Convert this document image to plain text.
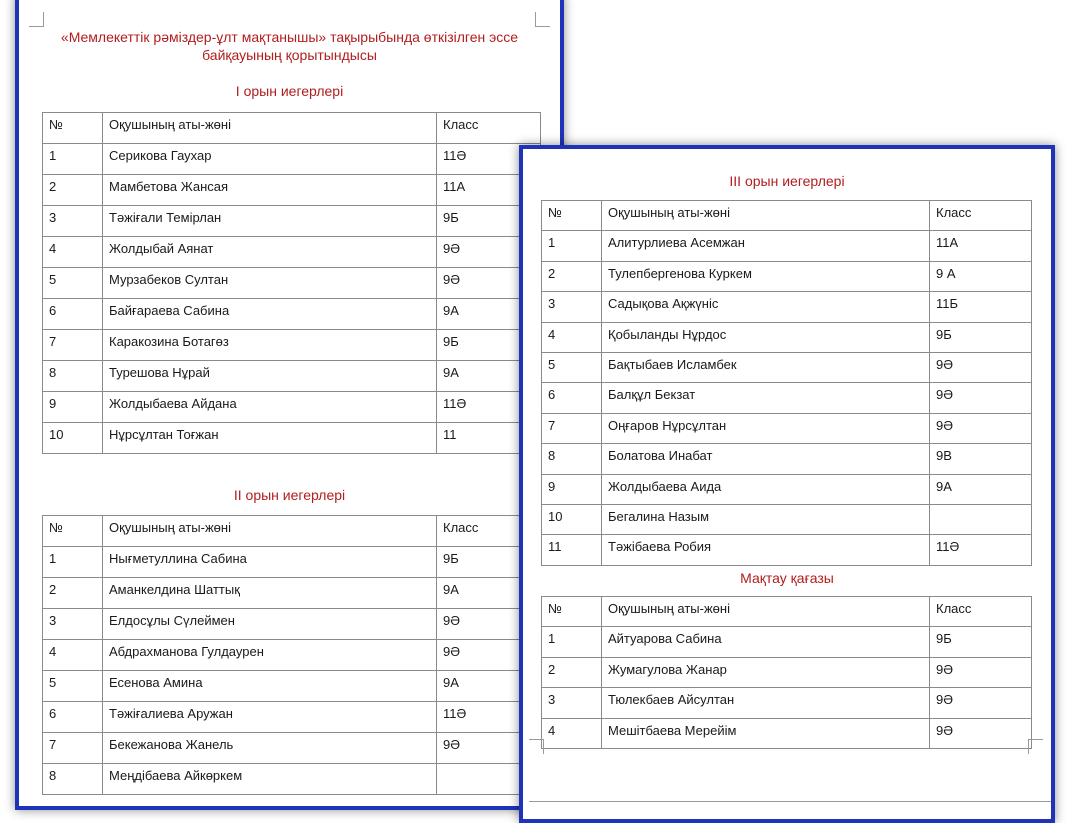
«Мемлекеттік рәміздер-ұлт мақтанышы» тақырыбында өткізілген эссе
байқауының қорытындысы
І орын иегерлері
№	Оқушының аты-жөні	Класс
1	Серикова Гаухар	11Ә
2	Мамбетова Жансая	11А
3	Тәжіғали Темірлан	9Б
4	Жолдыбай Аянат	9Ә
5	Мурзабеков Султан	9Ә
6	Байғараева Сабина	9А
7	Каракозина Ботагөз	9Б
8	Турешова Нұрай	9А
9	Жолдыбаева Айдана	11Ә
10	Нұрсұлтан Тоғжан	11
ІІ орын иегерлері
№	Оқушының аты-жөні	Класс
1	Нығметуллина Сабина	9Б
2	Аманкелдина Шаттық	9А
3	Елдосұлы Сүлеймен	9Ә
4	Абдрахманова Гулдаурен	9Ә
5	Есенова Амина	9А
6	Тәжіғалиева Аружан	11Ә
7	Бекежанова Жанель	9Ә
8	Меңдібаева Айкөркем	
ІІІ орын иегерлері
№	Оқушының аты-жөні	Класс
1	Алитурлиева Асемжан	11А
2	Тулепбергенова Куркем	9 А
3	Садықова Ақжүніс	11Б
4	Қобыланды Нұрдос	9Б
5	Бақтыбаев Исламбек	9Ә
6	Балқұл Бекзат	9Ә
7	Оңғаров Нұрсұлтан	9Ә
8	Болатова Инабат	9В
9	Жолдыбаева Аида	9А
10	Бегалина Назым	
11	Тәжібаева Робия	11Ә
Мақтау қағазы
№	Оқушының аты-жөні	Класс
1	Айтуарова Сабина	9Б
2	Жумагулова Жанар	9Ә
3	Тюлекбаев Айсултан	9Ә
4	Мешітбаева Мерейім	9Ә
